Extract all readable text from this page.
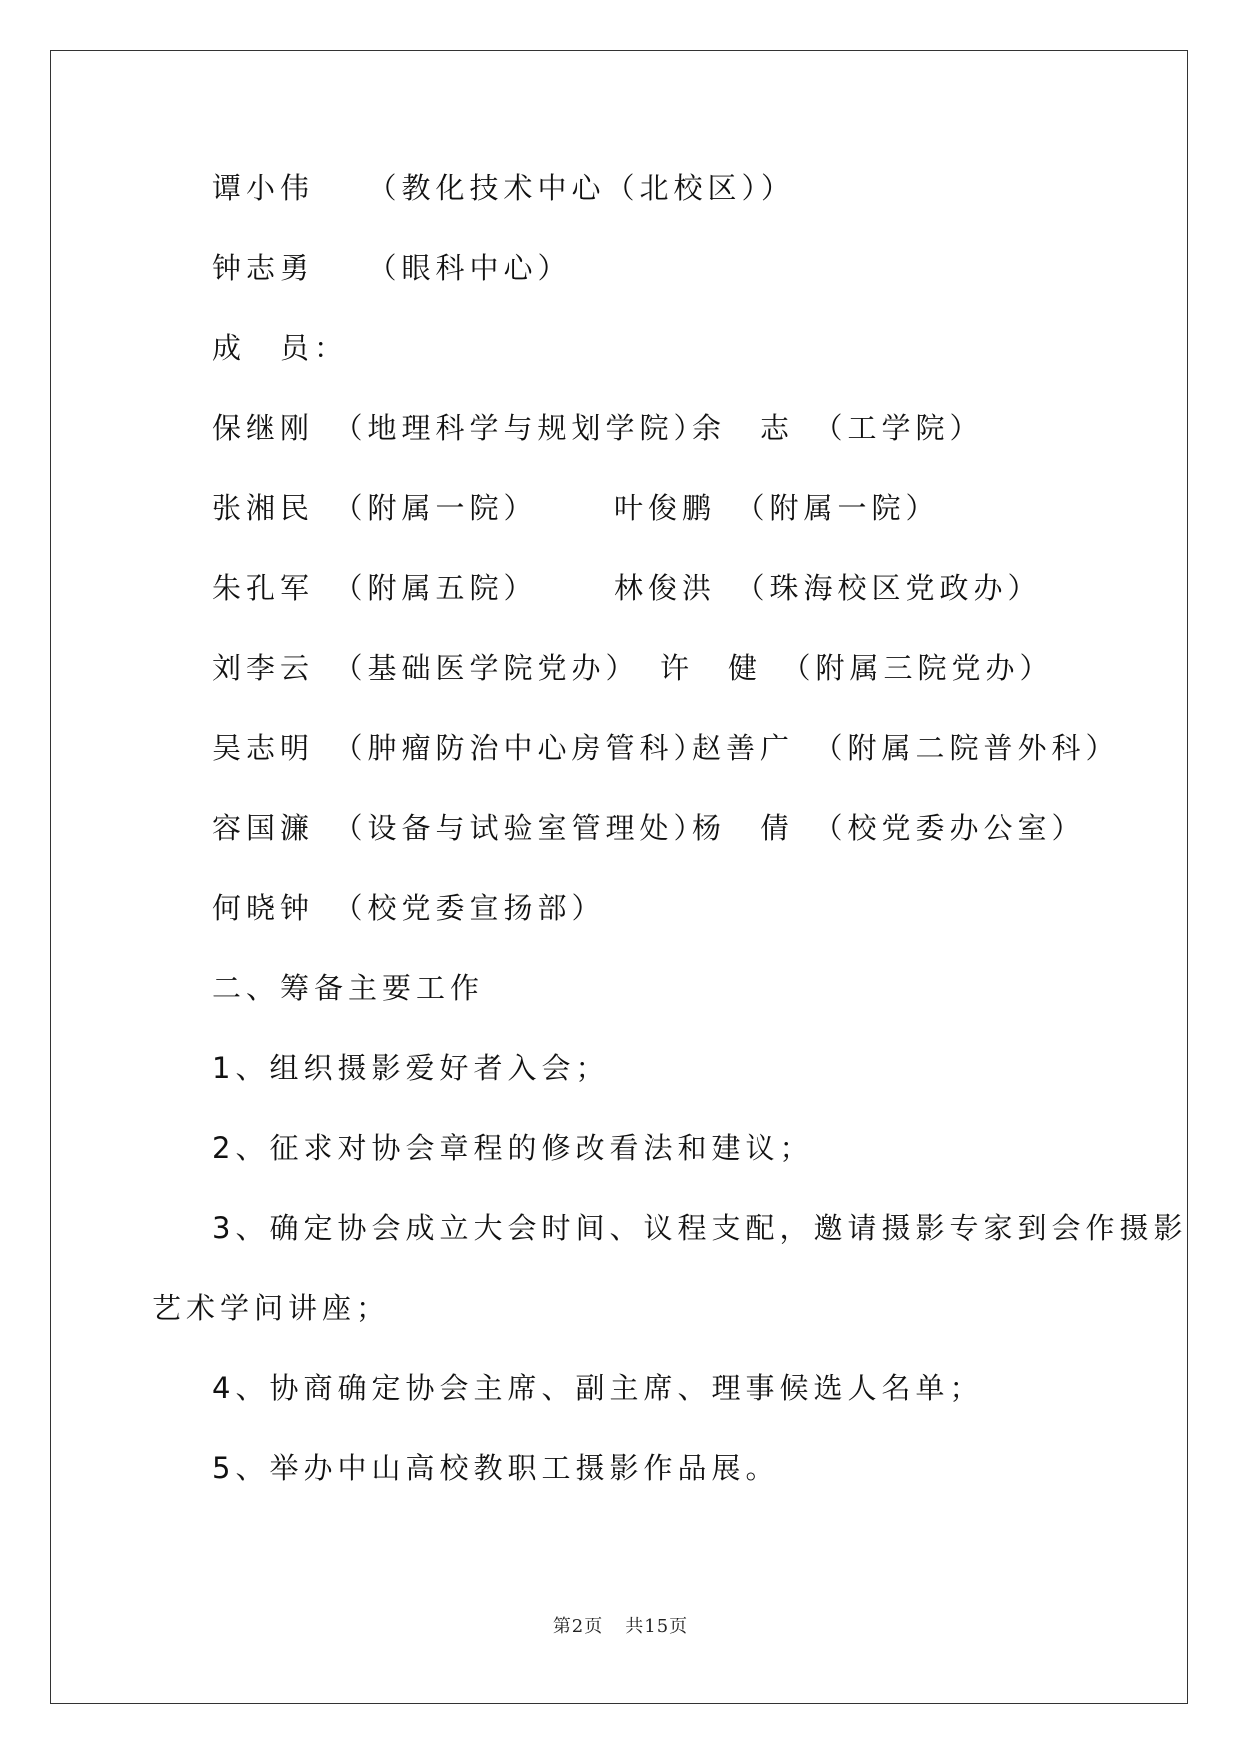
谭小伟　　（教化技术中心（北校区））
钟志勇　　（眼科中心）
成　员：
保继刚　（地理科学与规划学院）
余　志　（工学院）
张湘民　（附属一院）	叶俊鹏　（附属一院）
朱孔军　（附属五院）	林俊洪　（珠海校区党政办）
刘李云　（基础医学院党办） 许　健　（附属三院党办）
吴志明　（肿瘤防治中心房管科）
赵善广　（附属二院普外科）
容国濂　（设备与试验室管理处）
杨　倩　（校党委办公室）
何晓钟　（校党委宣扬部）
二、筹备主要工作
1、组织摄影爱好者入会；
2、征求对协会章程的修改看法和建议；
3、确定协会成立大会时间、议程支配，邀请摄影专家到会作摄影
艺术学问讲座；
4、协商确定协会主席、副主席、理事候选人名单；
5、举办中山高校教职工摄影作品展。
第2页 共15页
